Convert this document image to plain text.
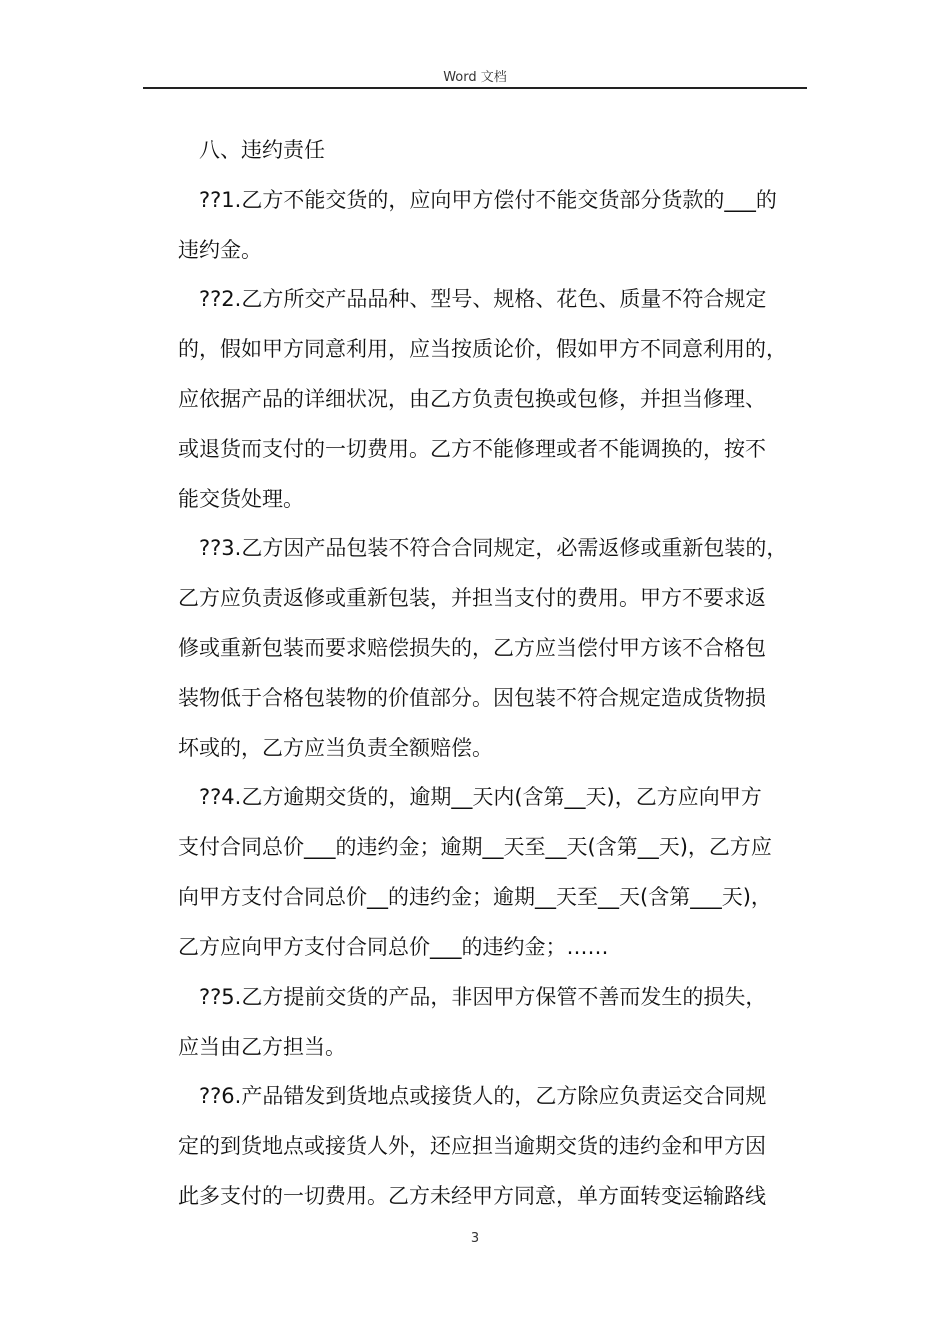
Word 文档
八、违约责任
??1.乙方不能交货的，应向甲方偿付不能交货部分货款的___的
违约金。
??2.乙方所交产品品种、型号、规格、花色、质量不符合规定
的，假如甲方同意利用，应当按质论价，假如甲方不同意利用的，
应依据产品的详细状况，由乙方负责包换或包修，并担当修理、
或退货而支付的一切费用。乙方不能修理或者不能调换的，按不
能交货处理。
??3.乙方因产品包装不符合合同规定，必需返修或重新包装的，
乙方应负责返修或重新包装，并担当支付的费用。甲方不要求返
修或重新包装而要求赔偿损失的，乙方应当偿付甲方该不合格包
装物低于合格包装物的价值部分。因包装不符合规定造成货物损
坏或的，乙方应当负责全额赔偿。
??4.乙方逾期交货的，逾期__天内(含第__天)，乙方应向甲方
支付合同总价___的违约金；逾期__天至__天(含第__天)，乙方应
向甲方支付合同总价__的违约金；逾期__天至__天(含第___天)，
乙方应向甲方支付合同总价___的违约金；……
??5.乙方提前交货的产品，非因甲方保管不善而发生的损失，
应当由乙方担当。
??6.产品错发到货地点或接货人的，乙方除应负责运交合同规
定的到货地点或接货人外，还应担当逾期交货的违约金和甲方因
此多支付的一切费用。乙方未经甲方同意，单方面转变运输路线
3
